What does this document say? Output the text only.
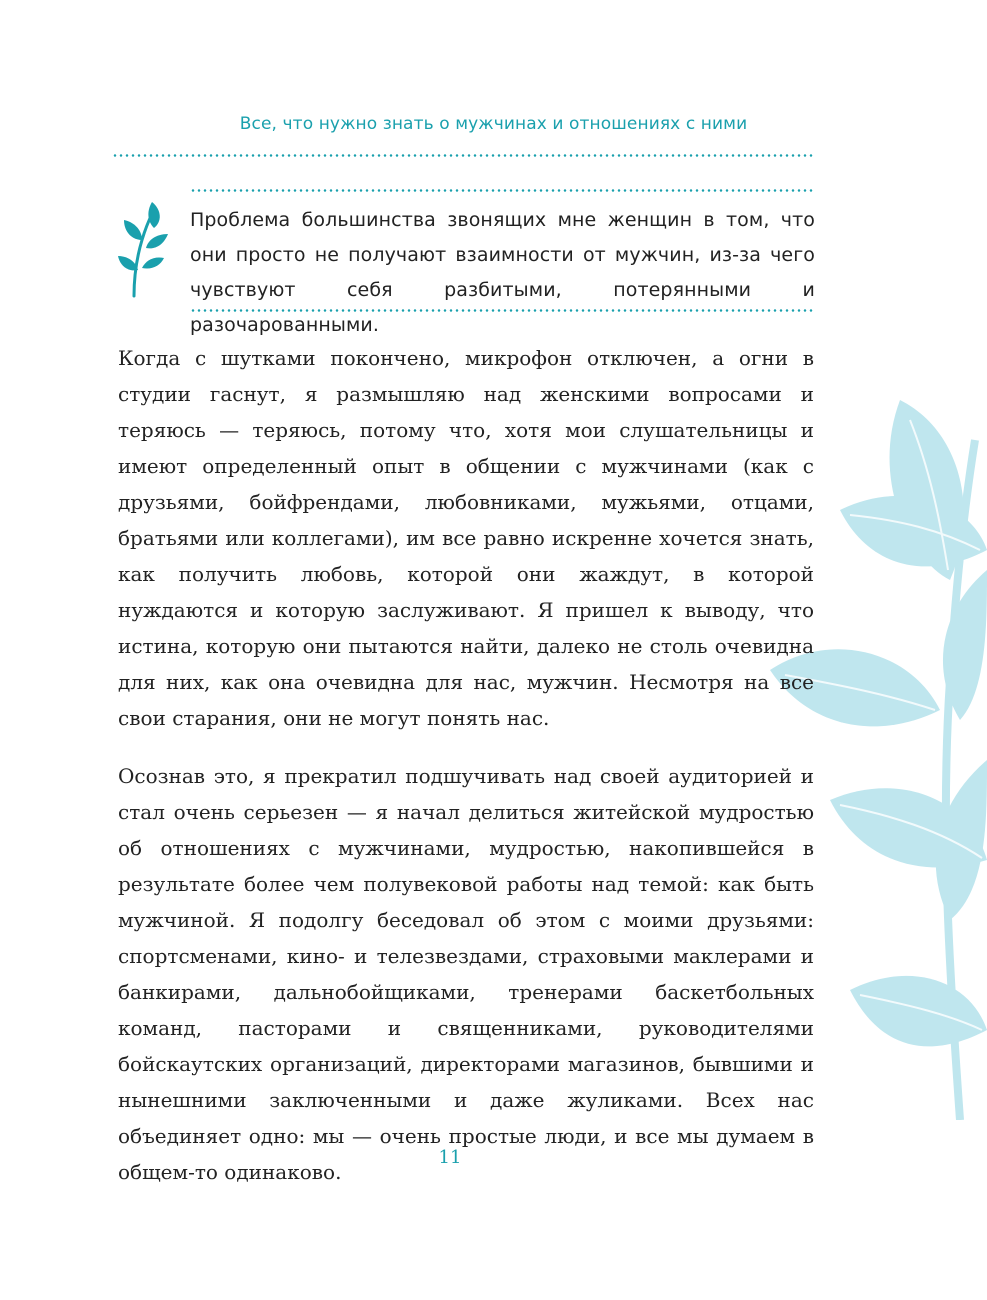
Все, что нужно знать о мужчинах и отношениях с ними

Проблема большинства звонящих мне женщин в том, что они просто не получают взаимности от мужчин, из-за чего чувствуют себя разбитыми, потерянными и разочарованными.

Когда с шутками покончено, микрофон отключен, а огни в студии гаснут, я размышляю над женскими вопросами и теряюсь — теряюсь, потому что, хотя мои слушательницы и имеют определенный опыт в общении с мужчинами (как с друзьями, бойфрендами, любовниками, мужьями, отцами, братьями или коллегами), им все равно искренне хочется знать, как получить любовь, которой они жаждут, в которой нуждаются и которую заслуживают. Я пришел к выводу, что истина, которую они пытаются найти, далеко не столь очевидна для них, как она очевидна для нас, мужчин. Несмотря на все свои старания, они не могут понять нас.

Осознав это, я прекратил подшучивать над своей аудиторией и стал очень серьезен — я начал делиться житейской мудростью об отношениях с мужчинами, мудростью, накопившейся в результате более чем полувековой работы над темой: как быть мужчиной. Я подолгу беседовал об этом с моими друзьями: спортсменами, кино- и телезвездами, страховыми маклерами и банкирами, дальнобойщиками, тренерами баскетбольных команд, пасторами и священниками, руководителями бойскаутских организаций, директорами магазинов, бывшими и нынешними заключенными и даже жуликами. Всех нас объединяет одно: мы — очень простые люди, и все мы думаем в общем-то одинаково.

11
